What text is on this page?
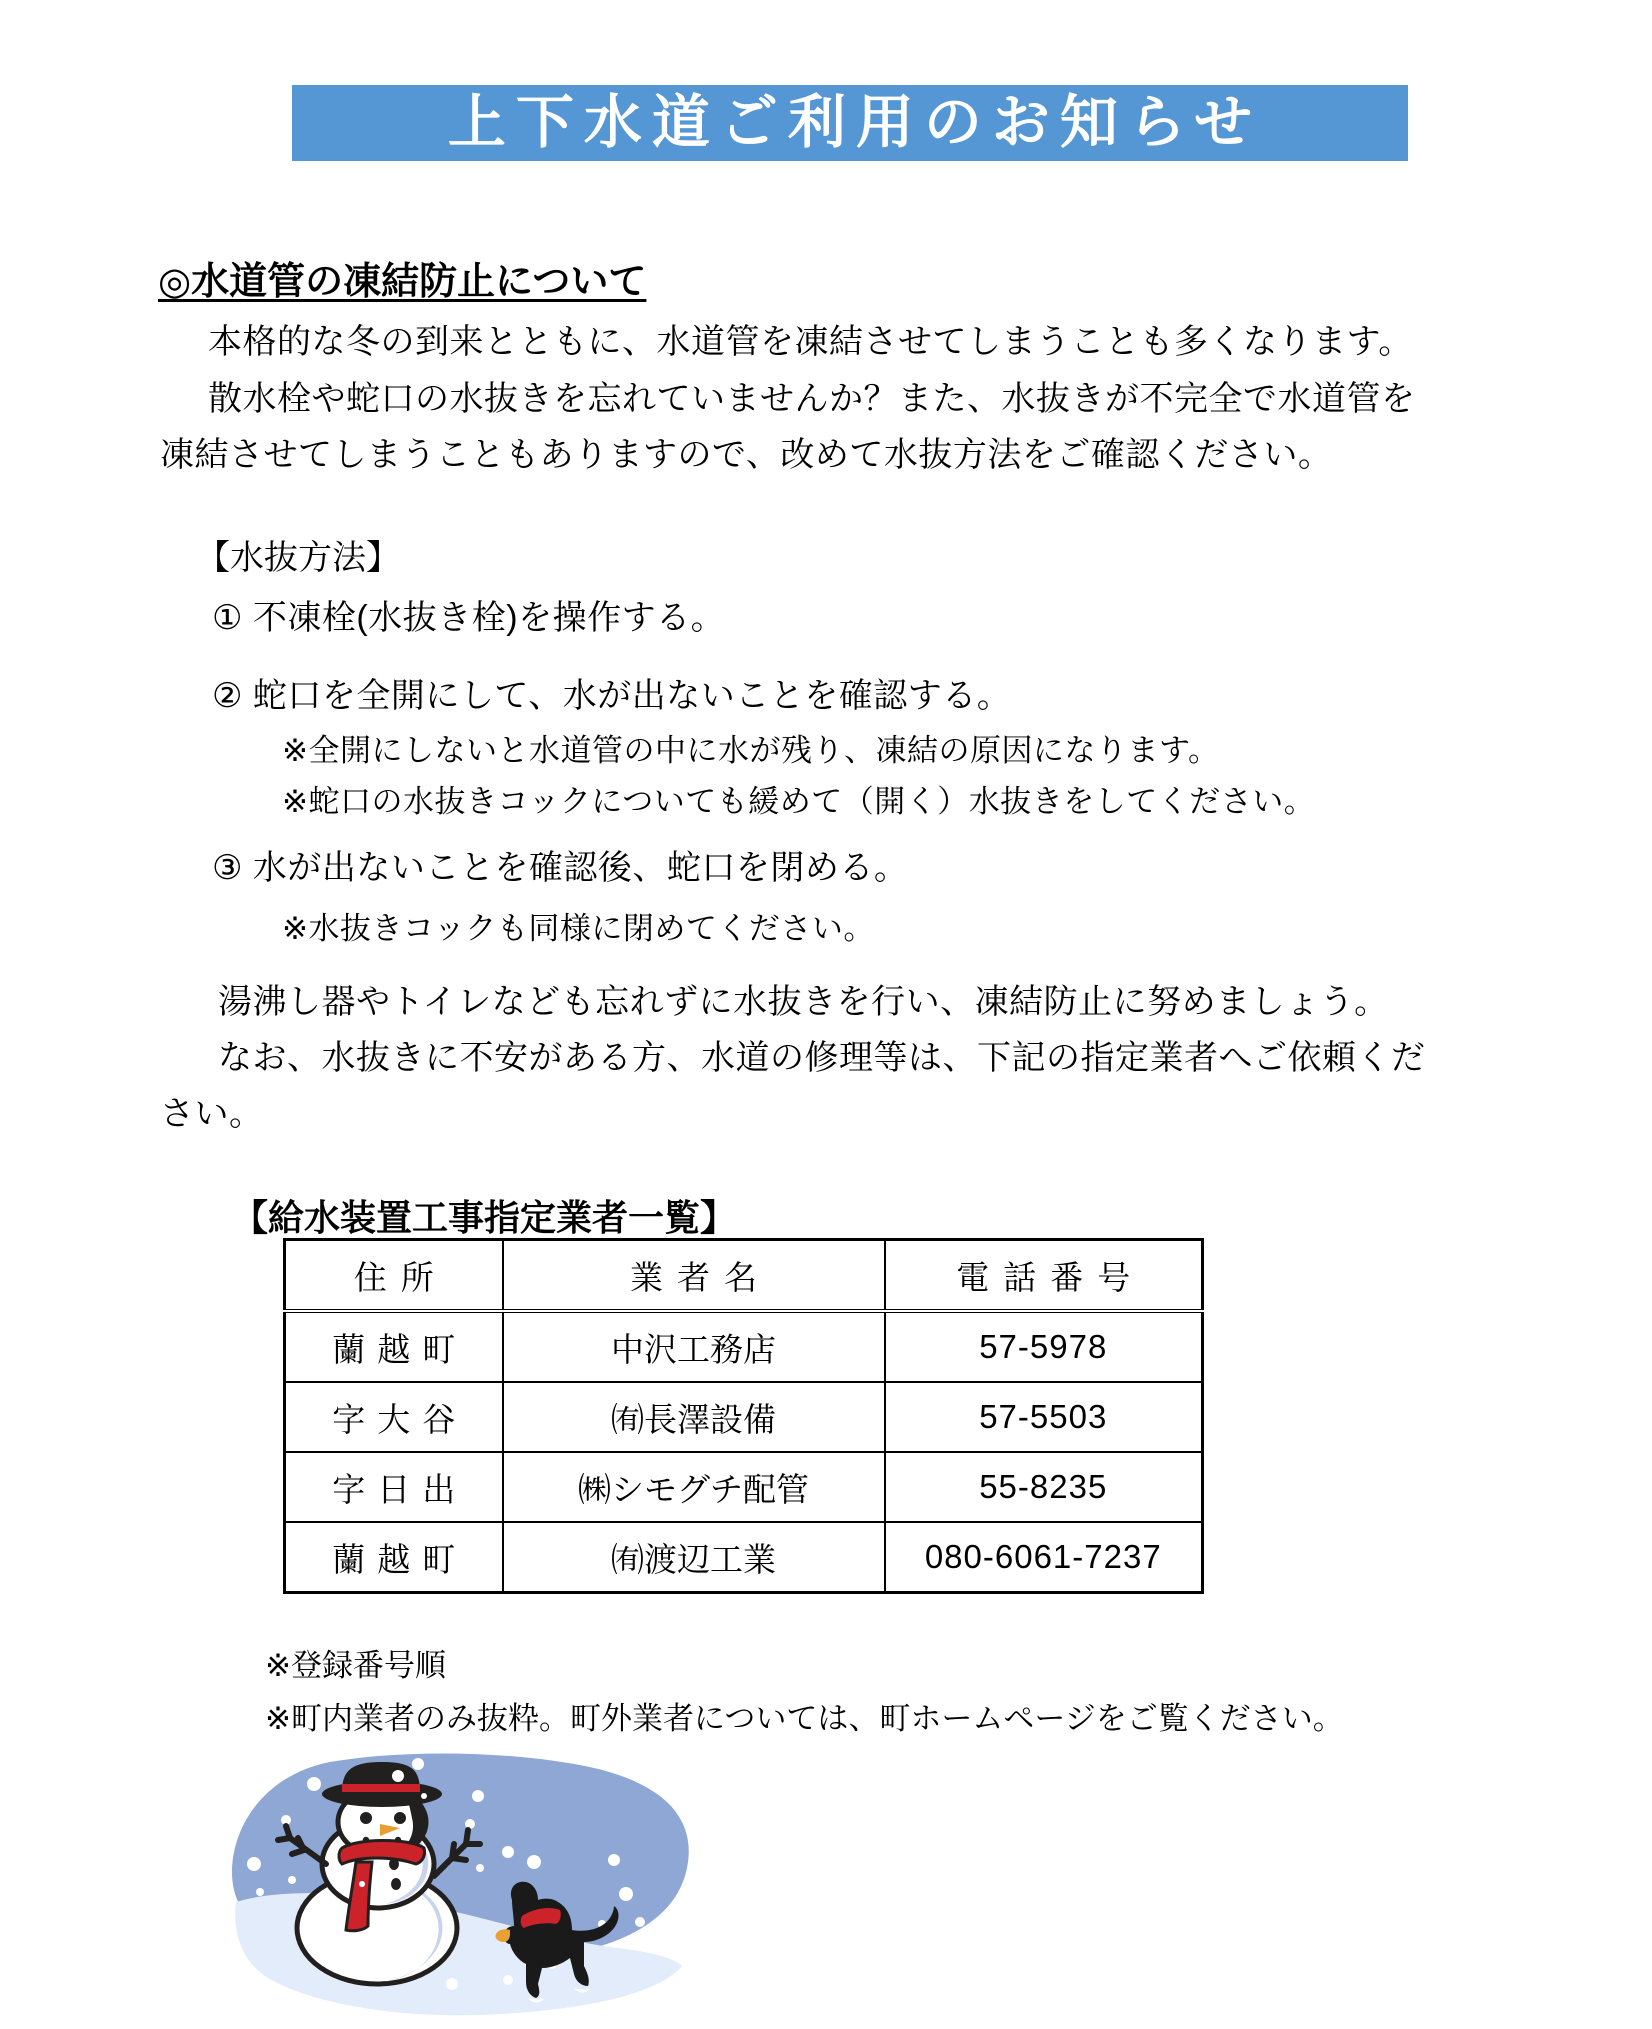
上下水道ご利用のお知らせ
◎水道管の凍結防止について
本格的な冬の到来とともに、水道管を凍結させてしまうことも多くなります。
散水栓や蛇口の水抜きを忘れていませんか？また、水抜きが不完全で水道管を
凍結させてしまうこともありますので、改めて水抜方法をご確認ください。
【水抜方法】
① 不凍栓(水抜き栓)を操作する。
② 蛇口を全開にして、水が出ないことを確認する。
※全開にしないと水道管の中に水が残り、凍結の原因になります。
※蛇口の水抜きコックについても緩めて（開く）水抜きをしてください。
③ 水が出ないことを確認後、蛇口を閉める。
※水抜きコックも同様に閉めてください。
湯沸し器やトイレなども忘れずに水抜きを行い、凍結防止に努めましょう。
なお、水抜きに不安がある方、水道の修理等は、下記の指定業者へご依頼くだ
さい。
【給水装置工事指定業者一覧】
住所	業者名	電話番号
蘭越町	中沢工務店	57-5978
字大谷	㈲長澤設備	57-5503
字日出	㈱シモグチ配管	55-8235
蘭越町	㈲渡辺工業	080-6061-7237
※登録番号順
※町内業者のみ抜粋。町外業者については、町ホームページをご覧ください。
